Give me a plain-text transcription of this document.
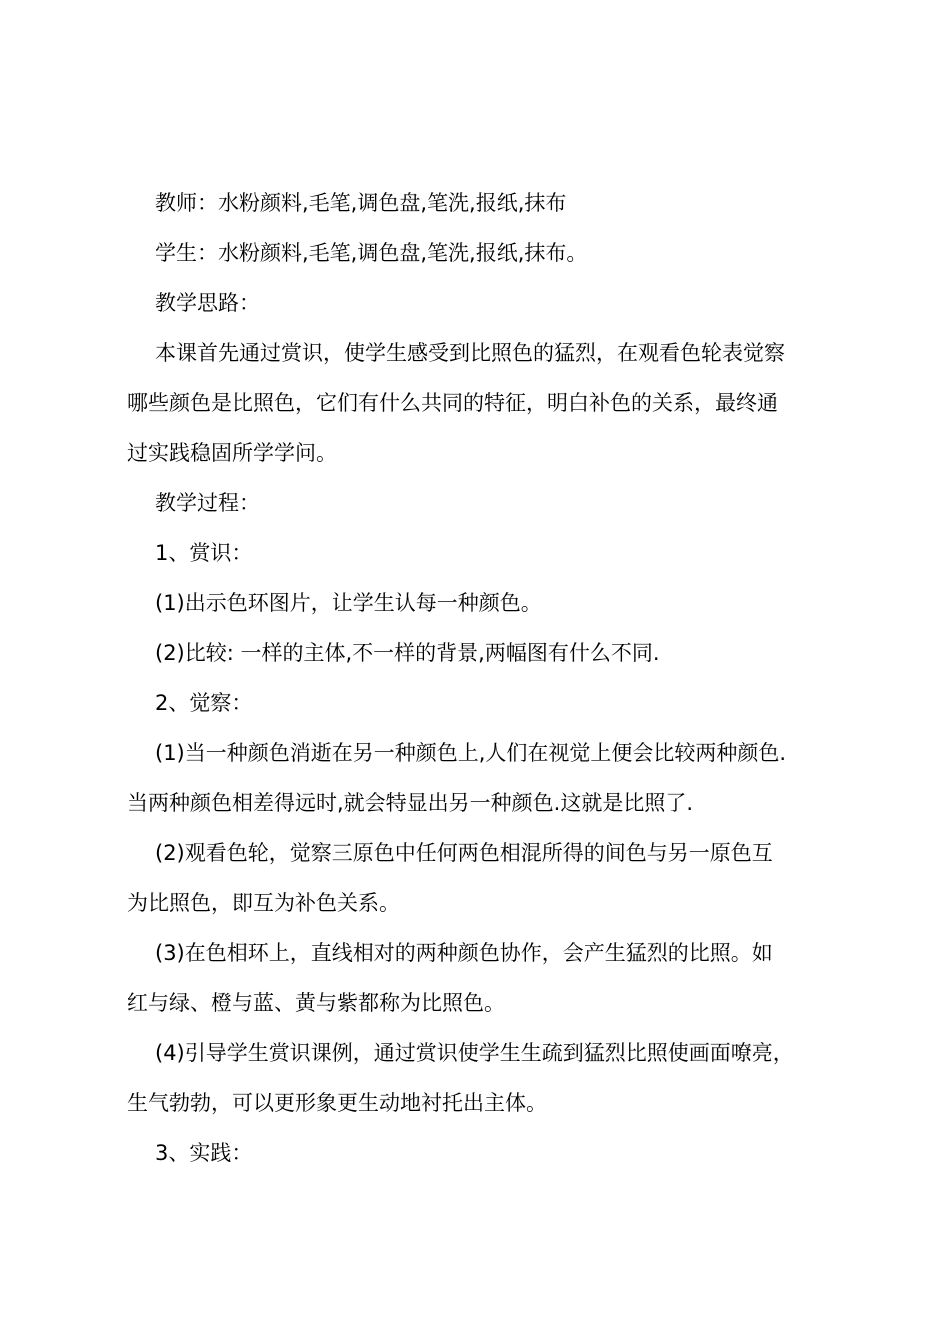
教师：水粉颜料,毛笔,调色盘,笔洗,报纸,抹布

学生：水粉颜料,毛笔,调色盘,笔洗,报纸,抹布。

教学思路：

本课首先通过赏识，使学生感受到比照色的猛烈，在观看色轮表觉察
哪些颜色是比照色，它们有什么共同的特征，明白补色的关系，最终通
过实践稳固所学学问。

教学过程：

1、赏识：

(1)出示色环图片，让学生认每一种颜色。

(2)比较: 一样的主体,不一样的背景,两幅图有什么不同.

2、觉察：

(1)当一种颜色消逝在另一种颜色上,人们在视觉上便会比较两种颜色.
当两种颜色相差得远时,就会特显出另一种颜色.这就是比照了.

(2)观看色轮，觉察三原色中任何两色相混所得的间色与另一原色互
为比照色，即互为补色关系。

(3)在色相环上，直线相对的两种颜色协作，会产生猛烈的比照。如
红与绿、橙与蓝、黄与紫都称为比照色。

(4)引导学生赏识课例，通过赏识使学生生疏到猛烈比照使画面嘹亮，
生气勃勃，可以更形象更生动地衬托出主体。

3、实践：
